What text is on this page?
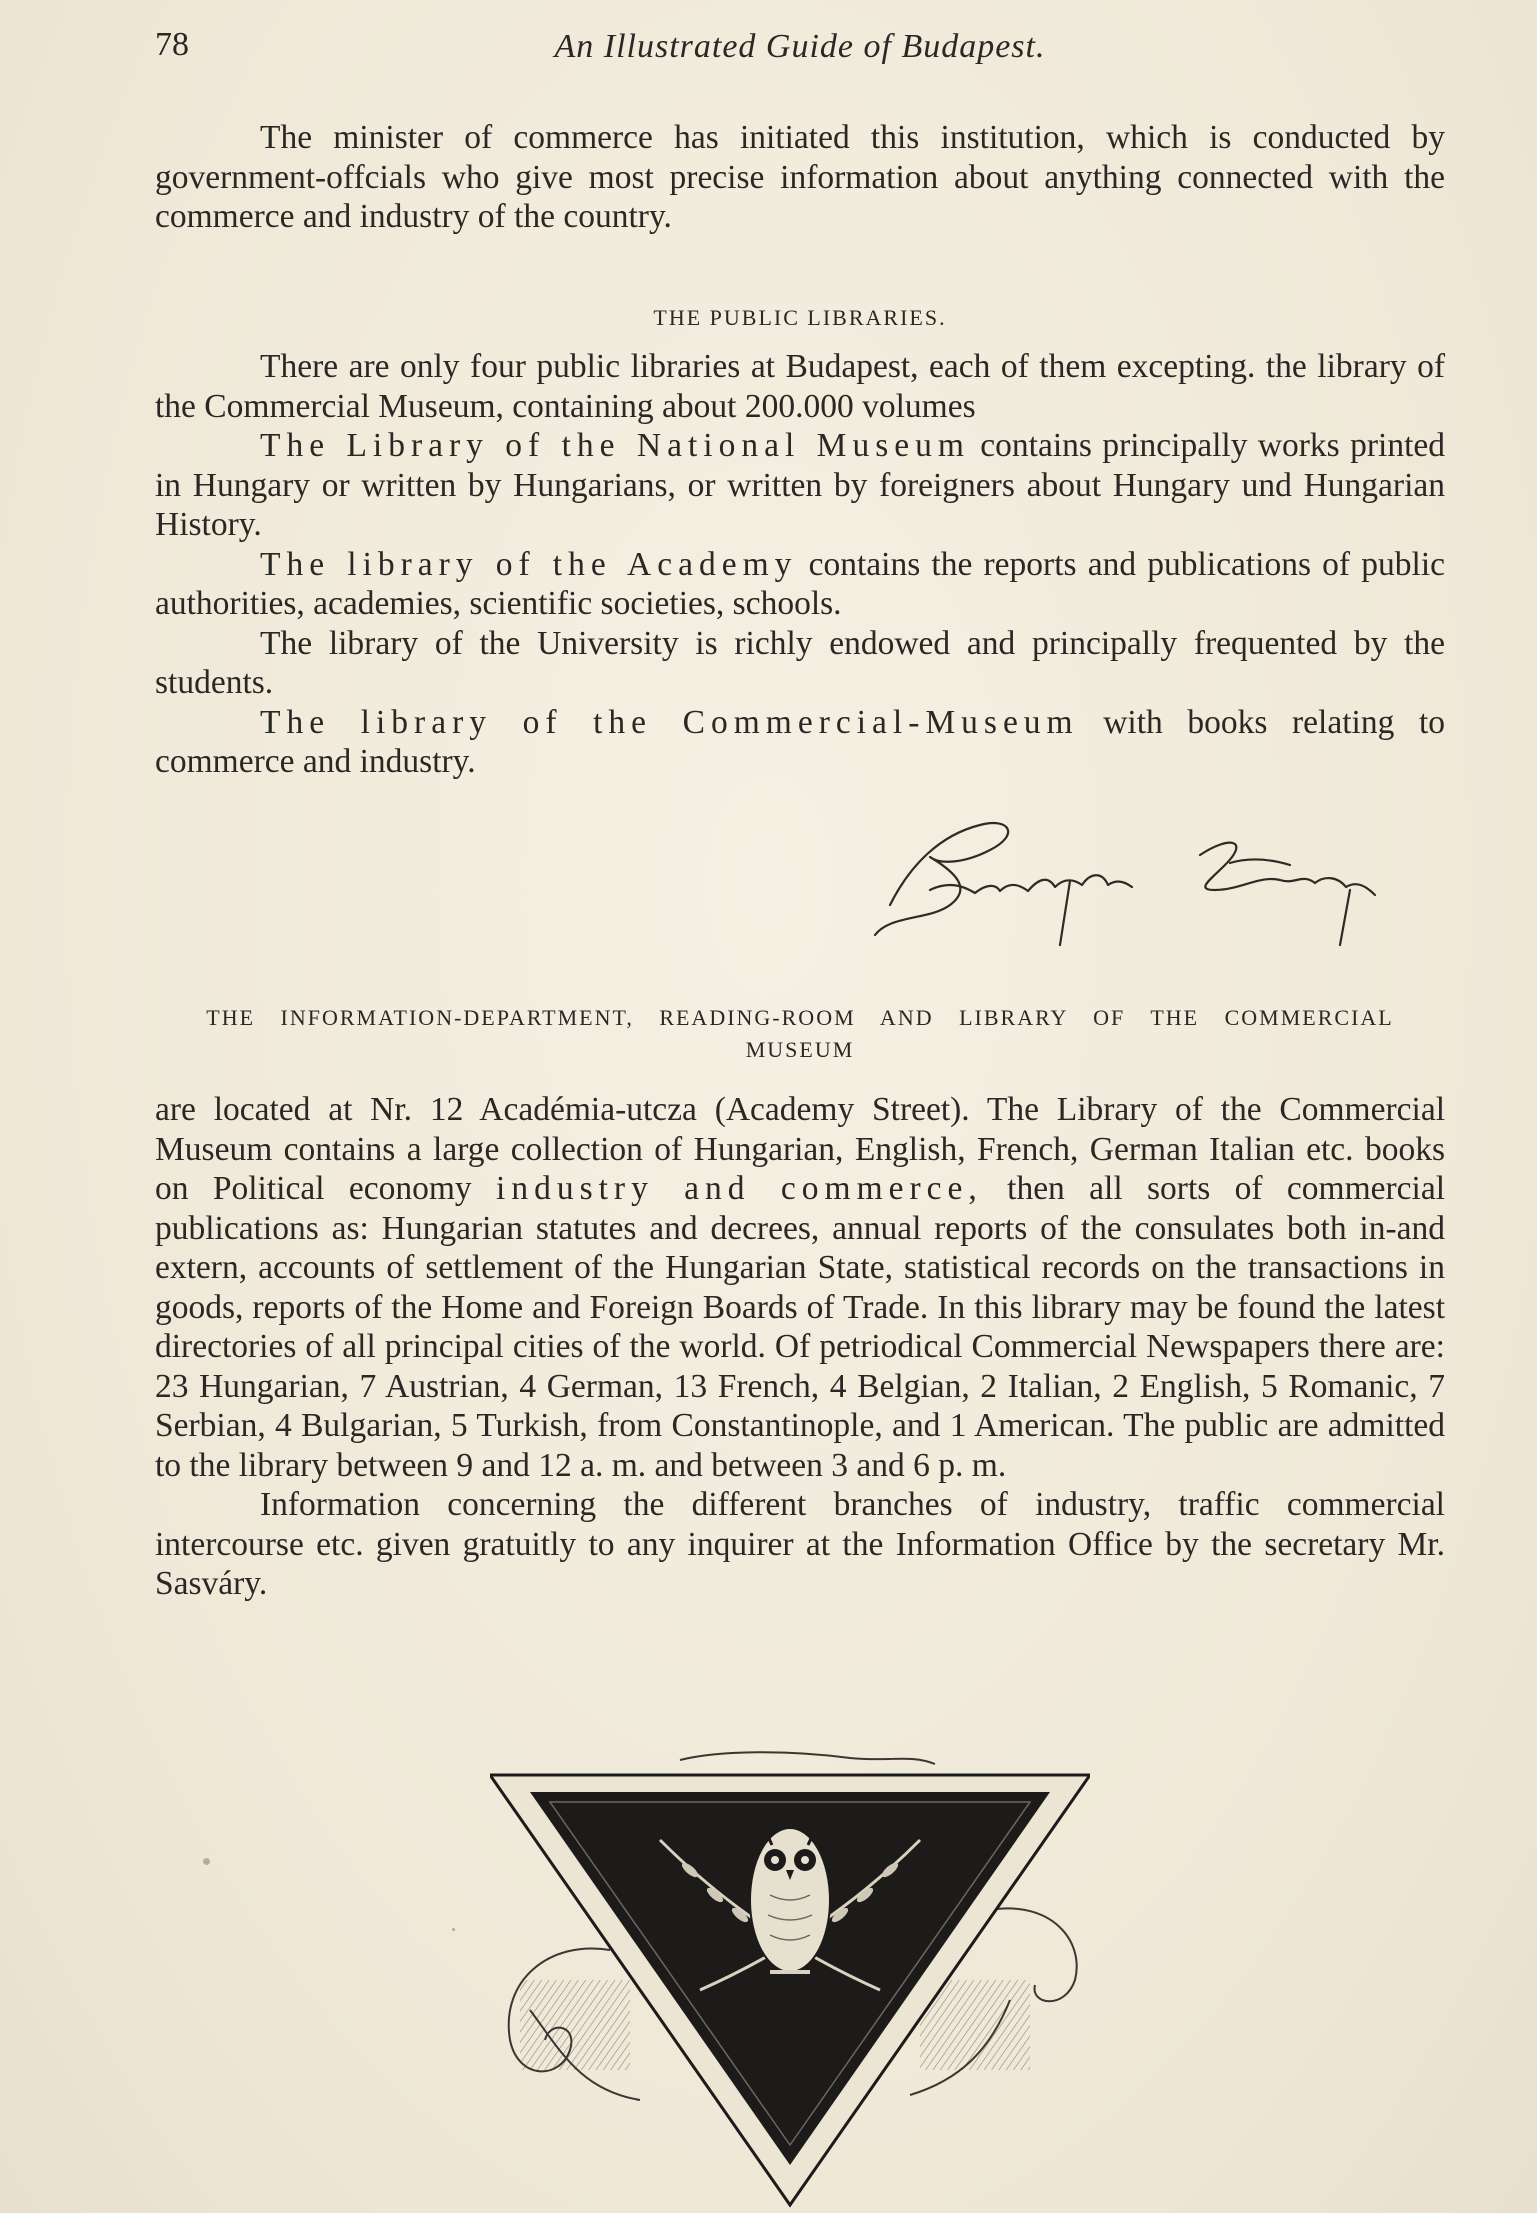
78	An Illustrated Guide of Budapest.

The minister of commerce has initiated this institution, which is conducted by government-offcials who give most precise information about anything connected with the commerce and industry of the country.

THE PUBLIC LIBRARIES.

There are only four public libraries at Budapest, each of them excepting. the library of the Commercial Museum, containing about 200.000 volumes

The Library of the National Museum contains principally works printed in Hungary or written by Hungarians, or written by foreigners about Hungary und Hungarian History.

The library of the Academy contains the reports and publications of public authorities, academies, scientific societies, schools.

The library of the University is richly endowed and principally frequented by the students.

The library of the Commercial-Museum with books relating to commerce and industry.

THE INFORMATION-DEPARTMENT, READING-ROOM AND LIBRARY OF THE COMMERCIAL
MUSEUM

are located at Nr. 12 Académia-utcza (Academy Street). The Library of the Commercial Museum contains a large collection of Hungarian, English, French, German Italian etc. books on Political economy industry and commerce, then all sorts of commercial publications as: Hungarian statutes and decrees, annual reports of the consulates both in-and extern, accounts of settlement of the Hungarian State, statistical records on the transactions in goods, reports of the Home and Foreign Boards of Trade. In this library may be found the latest directories of all principal cities of the world. Of petriodical Commercial Newspapers there are: 23 Hungarian, 7 Austrian, 4 German, 13 French, 4 Belgian, 2 Italian, 2 English, 5 Romanic, 7 Serbian, 4 Bulgarian, 5 Turkish, from Constantinople, and 1 American. The public are admitted to the library between 9 and 12 a. m. and between 3 and 6 p. m.

Information concerning the different branches of industry, traffic commercial intercourse etc. given gratuitly to any inquirer at the Information Office by the secretary Mr. Sasváry.
